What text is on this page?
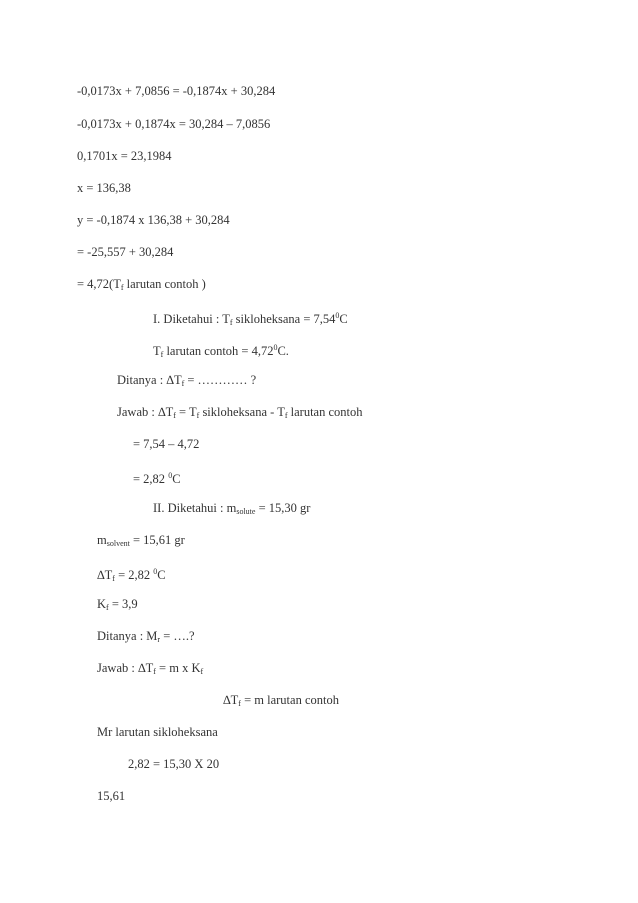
-0,0173x + 7,0856 = -0,1874x + 30,284
-0,0173x + 0,1874x = 30,284 – 7,0856
0,1701x = 23,1984
x = 136,38
y = -0,1874 x 136,38 + 30,284
= -25,557 + 30,284
= $4,72(T_f$ larutan contoh )
I. Diketahui : $T_f$ sikloheksana = $7,54^0C$
$T_f$ larutan contoh = $4,72^0C$.
Ditanya : $\Delta T_f$ = ………… ?
Jawab : $\Delta T_f = T_f$ sikloheksana - $T_f$ larutan contoh
= 7,54 – 4,72
= 2,82 $^0$C
II. Diketahui : $m_{solute} = 15,30$ gr
$m_{solvent} = 15,61$ gr
$\Delta T_f = 2,82$ $^0$C
$K_f = 3,9$
Ditanya : $M_r$ = ….?
Jawab : $\Delta T_f = m$ x $K_f$
$\Delta T_f = m$ larutan contoh
Mr larutan sikloheksana
2,82 = 15,30 X 20
15,61
